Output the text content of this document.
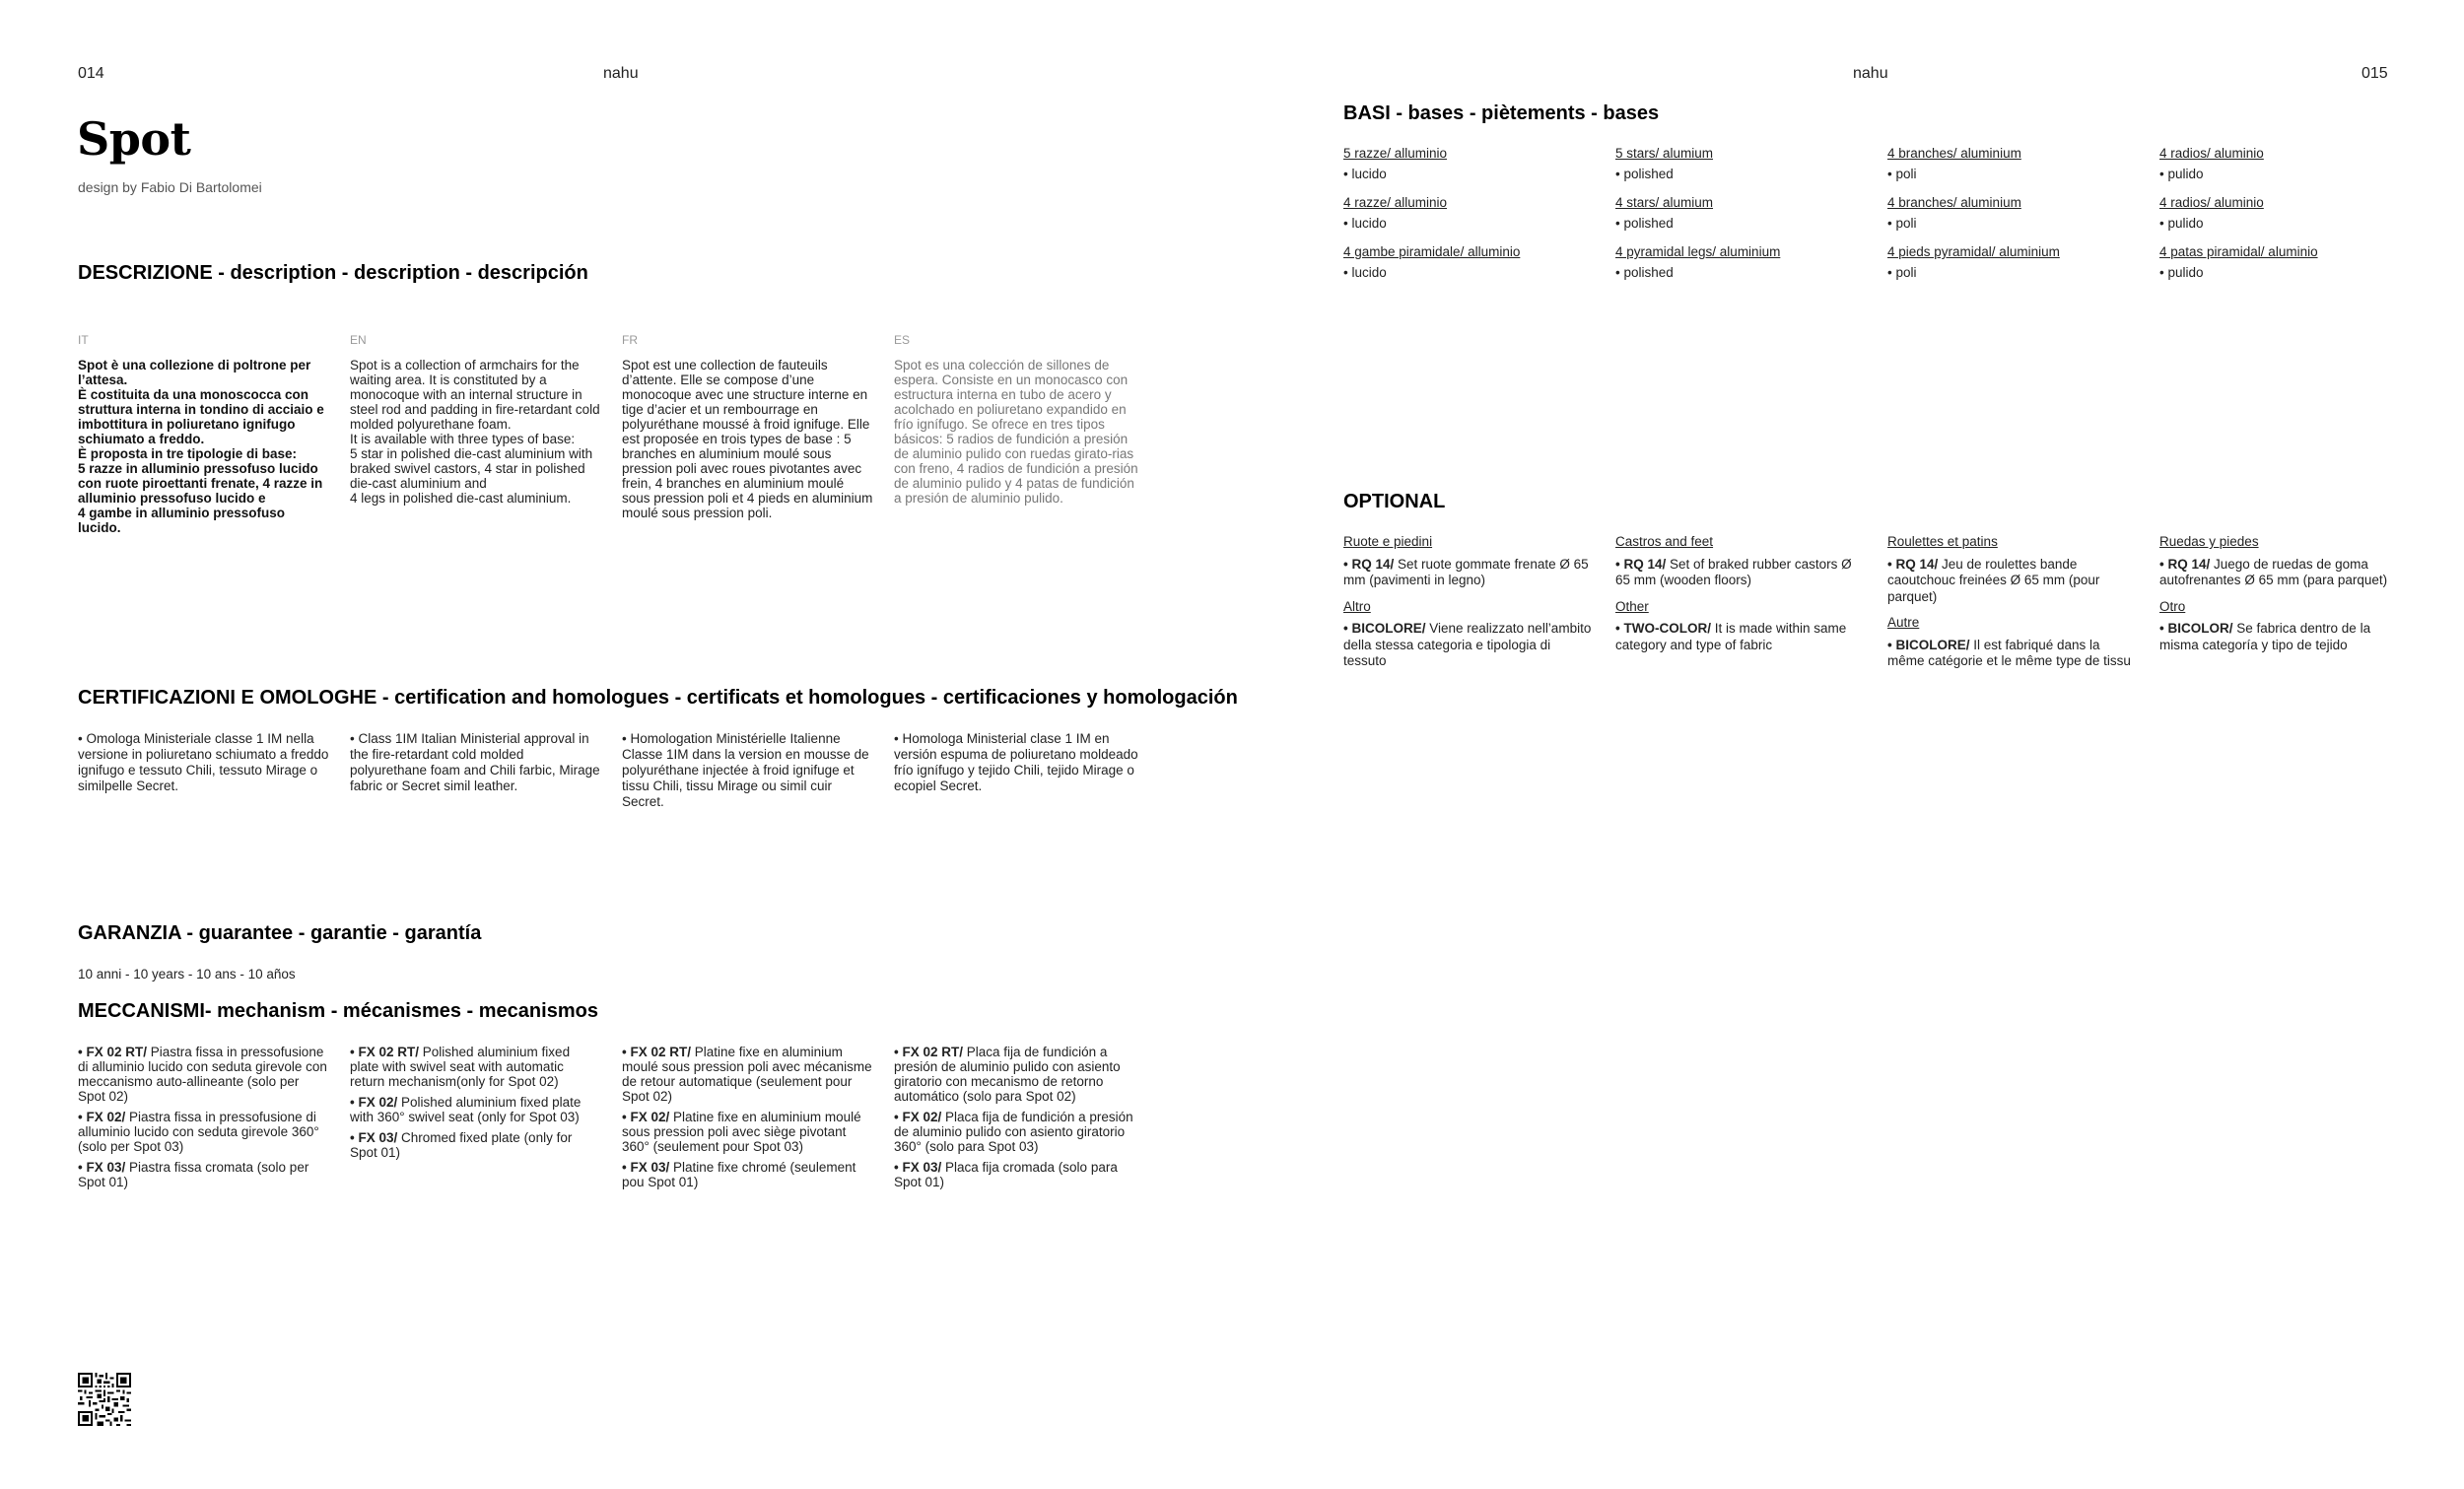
014	nahu
Spot
design by Fabio Di Bartolomei
DESCRIZIONE - description - description - descripción
IT
Spot è una collezione di poltrone per l’attesa.
È costituita da una monoscocca con struttura interna in tondino di acciaio e imbottitura in poliuretano ignifugo schiumato a freddo.
È proposta in tre tipologie di base:
5 razze in alluminio pressofuso lucido con ruote piroettanti frenate, 4 razze in alluminio pressofuso lucido e
4 gambe in alluminio pressofuso lucido.
EN
Spot is a collection of armchairs for the waiting area. It is constituted by a monocoque with an internal structure in steel rod and padding in fire-retardant cold molded polyurethane foam.
It is available with three types of base:
5 star in polished die-cast aluminium with braked swivel castors, 4 star in polished die-cast aluminium and
4 legs in polished die-cast aluminium.
FR
Spot est une collection de fauteuils d’attente. Elle se compose d’une monocoque avec une structure interne en tige d’acier et un rembourrage en polyuréthane moussé à froid ignifuge. Elle est proposée en trois types de base : 5 branches en aluminium moulé sous pression poli avec roues pivotantes avec frein, 4 branches en aluminium moulé sous pression poli et 4 pieds en aluminium moulé sous pression poli.
ES
Spot es una colección de sillones de espera. Consiste en un monocasco con estructura interna en tubo de acero y acolchado en poliuretano expandido en frío ignífugo. Se ofrece en tres tipos básicos: 5 radios de fundición a presión de aluminio pulido con ruedas girato-rias con freno, 4 radios de fundición a presión de aluminio pulido y 4 patas de fundición a presión de aluminio pulido.
CERTIFICAZIONI E OMOLOGHE - certification and homologues - certificats et homologues - certificaciones y homologación
• Omologa Ministeriale classe 1 IM nella versione in poliuretano schiumato a freddo ignifugo e tessuto Chili, tessuto Mirage o similpelle Secret.
• Class 1IM Italian Ministerial approval in the fire-retardant cold molded polyurethane foam and Chili farbic, Mirage fabric or Secret simil leather.
• Homologation Ministérielle Italienne Classe 1IM dans la version en mousse de polyuréthane injectée à froid ignifuge et tissu Chili, tissu Mirage ou simil cuir Secret.
• Homologa Ministerial clase 1 IM en versión espuma de poliuretano moldeado frío ignífugo y tejido Chili, tejido Mirage o ecopiel Secret.
GARANZIA - guarantee - garantie - garantía
10 anni - 10 years - 10 ans - 10 años
MECCANISMI- mechanism - mécanismes - mecanismos

• FX 02 RT/ Piastra fissa in pressofusione di alluminio lucido con seduta girevole con meccanismo auto-allineante (solo per Spot 02)

• FX 02/ Piastra fissa in pressofusione di alluminio lucido con seduta girevole 360° (solo per Spot 03)

• FX 03/ Piastra fissa cromata (solo per Spot 01)

• FX 02 RT/ Polished aluminium fixed plate with swivel seat with automatic return mechanism(only for Spot 02)

• FX 02/ Polished aluminium fixed plate with 360° swivel seat (only for Spot 03)

• FX 03/ Chromed fixed plate (only for Spot 01)

• FX 02 RT/ Platine fixe en aluminium moulé sous pression poli avec mécanisme de retour automatique (seulement pour Spot 02)

• FX 02/ Platine fixe en aluminium moulé sous pression poli avec siège pivotant 360° (seulement pour Spot 03)

• FX 03/ Platine fixe chromé (seulement pou Spot 01)

• FX 02 RT/ Placa fija de fundición a presión de aluminio pulido con asiento giratorio con mecanismo de retorno automático (solo para Spot 02)

• FX 02/ Placa fija de fundición a presión de aluminio pulido con asiento giratorio 360° (solo para Spot 03)

• FX 03/ Placa fija cromada (solo para Spot 01)

nahu	015
BASI - bases - piètements - bases
5 razze/ alluminio
• lucido
4 razze/ alluminio
• lucido
4 gambe piramidale/ alluminio
• lucido
5 stars/ alumium
• polished
4 stars/ alumium
• polished
4 pyramidal legs/ aluminium
• polished
4 branches/ aluminium
• poli
4 branches/ aluminium
• poli
4 pieds pyramidal/ aluminium
• poli
4 radios/ aluminio
• pulido
4 radios/ aluminio
• pulido
4 patas piramidal/ aluminio
• pulido
OPTIONAL
Ruote e piedini
• RQ 14/ Set ruote gommate frenate Ø 65 mm (pavimenti in legno)
Altro
• BICOLORE/ Viene realizzato nell’ambito della stessa categoria e tipologia di tessuto
Castros and feet
• RQ 14/ Set of braked rubber castors Ø 65 mm (wooden floors)
Other
• TWO-COLOR/ It is made within same category and type of fabric
Roulettes et patins
• RQ 14/ Jeu de roulettes bande caoutchouc freinées Ø 65 mm (pour parquet)
Autre
• BICOLORE/ Il est fabriqué dans la même catégorie et le même type de tissu
Ruedas y piedes
• RQ 14/ Juego de ruedas de goma autofrenantes Ø 65 mm (para parquet)
Otro
• BICOLOR/ Se fabrica dentro de la misma categoría y tipo de tejido
